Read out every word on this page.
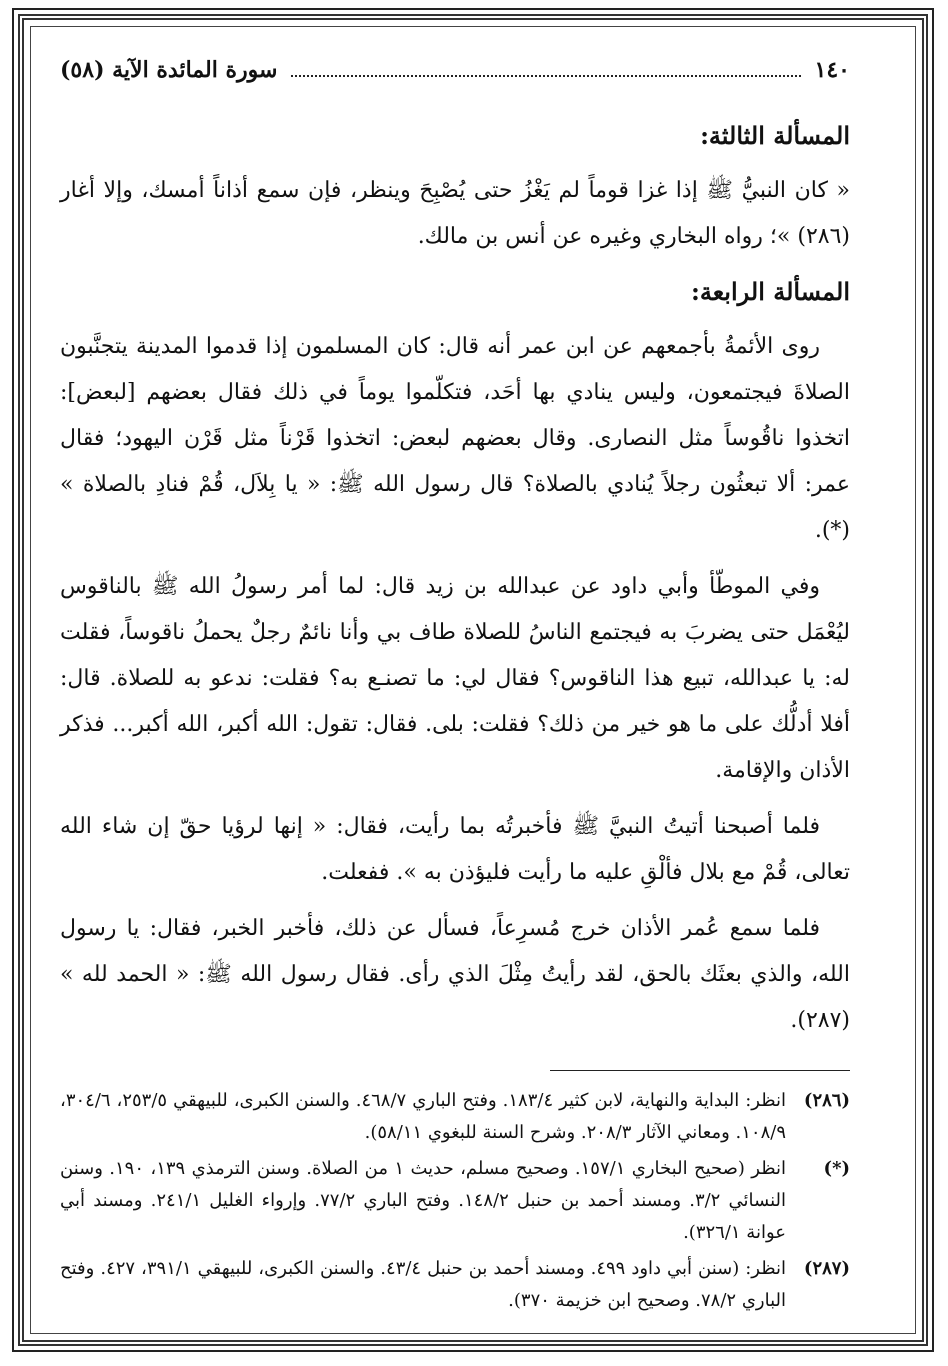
١٤٠
سورة المائدة الآية (٥٨)
المسألة الثالثة:

« كان النبيُّ ﷺ إذا غزا قوماً لم يَغْزُ حتى يُصْبِحَ وينظر، فإن سمع أذاناً أمسك، وإلا أغار (٢٨٦) »؛ رواه البخاري وغيره عن أنس بن مالك.

المسألة الرابعة:

روى الأئمةُ بأجمعهم عن ابن عمر أنه قال: كان المسلمون إذا قدموا المدينة يتجنَّبون الصلاةَ فيجتمعون، وليس ينادي بها أحَد، فتكلّموا يوماً في ذلك فقال بعضهم [لبعض]: اتخذوا ناقُوساً مثل النصارى. وقال بعضهم لبعض: اتخذوا قَرْناً مثل قَرْن اليهود؛ فقال عمر: ألا تبعثُون رجلاً يُنادي بالصلاة؟ قال رسول الله ﷺ: « يا بِلاَل، قُمْ فنادِ بالصلاة » (*).

وفي الموطّأ وأبي داود عن عبدالله بن زيد قال: لما أمر رسولُ الله ﷺ بالناقوس ليُعْمَل حتى يضربَ به فيجتمع الناسُ للصلاة طاف بي وأنا نائمٌ رجلٌ يحملُ ناقوساً، فقلت له: يا عبدالله، تبيع هذا الناقوس؟ فقال لي: ما تصنـع به؟ فقلت: ندعو به للصلاة. قال: أفلا أدلُّك على ما هو خير من ذلك؟ فقلت: بلى. فقال: تقول: الله أكبر، الله أكبر... فذكر الأذان والإقامة.

فلما أصبحنا أتيتُ النبيَّ ﷺ فأخبرتُه بما رأيت، فقال: « إنها لرؤيا حقّ إن شاء الله تعالى، قُمْ مع بلال فألْقِ عليه ما رأيت فليؤذن به ». ففعلت.

فلما سمع عُمر الأذان خرج مُسرِعاً، فسأل عن ذلك، فأخبر الخبر، فقال: يا رسول الله، والذي بعثَك بالحق، لقد رأيتُ مِثْلَ الذي رأى. فقال رسول الله ﷺ: « الحمد لله » (٢٨٧).

(٢٨٦)
انظر: البداية والنهاية، لابن كثير ١٨٣/٤. وفتح الباري ٤٦٨/٧. والسنن الكبرى، للبيهقي ٢٥٣/٥، ٣٠٤/٦، ١٠٨/٩. ومعاني الآثار ٢٠٨/٣. وشرح السنة للبغوي ٥٨/١١).
(*)
انظر (صحيح البخاري ١٥٧/١. وصحيح مسلم، حديث ١ من الصلاة. وسنن الترمذي ١٣٩، ١٩٠. وسنن النسائي ٣/٢. ومسند أحمد بن حنبل ١٤٨/٢. وفتح الباري ٧٧/٢. وإرواء الغليل ٢٤١/١. ومسند أبي عوانة ٣٢٦/١).
(٢٨٧)
انظر: (سنن أبي داود ٤٩٩. ومسند أحمد بن حنبل ٤٣/٤. والسنن الكبرى، للبيهقي ٣٩١/١، ٤٢٧. وفتح الباري ٧٨/٢. وصحيح ابن خزيمة ٣٧٠).
